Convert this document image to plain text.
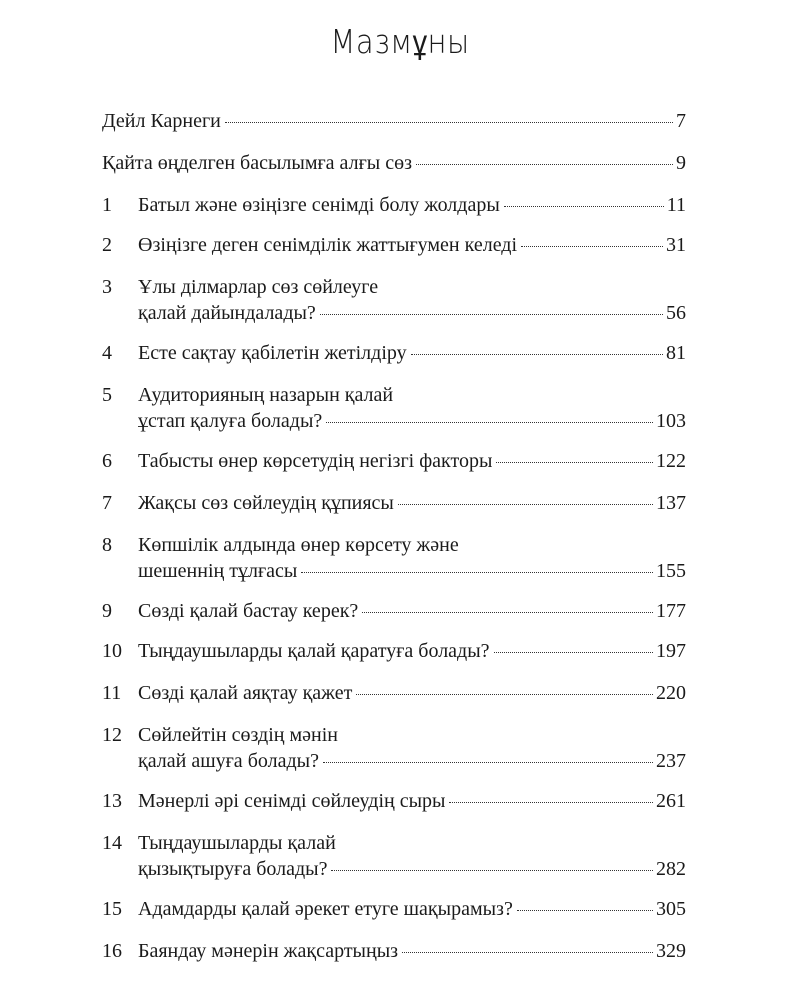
Мазмұны
Дейл Карнеги	7
Қайта өңделген басылымға алғы сөз	9
1	Батыл және өзіңізге сенімді болу жолдары	11
2	Өзіңізге деген сенімділік жаттығумен келеді	31
3	Ұлы ділмарлар сөз сөйлеуге
қалай дайындалады?	56
4	Есте сақтау қабілетін жетілдіру	81
5	Аудиторияның назарын қалай
ұстап қалуға болады?	103
6	Табысты өнер көрсетудің негізгі факторы	122
7	Жақсы сөз сөйлеудің құпиясы	137
8	Көпшілік алдында өнер көрсету және
шешеннің тұлғасы	155
9	Сөзді қалай бастау керек?	177
10 Тыңдаушыларды қалай қаратуға болады?	197
11 Сөзді қалай аяқтау қажет	220
12 Сөйлейтін сөздің мәнін
қалай ашуға болады?	237
13 Мәнерлі әрі сенімді сөйлеудің сыры	261
14 Тыңдаушыларды қалай
қызықтыруға болады?	282
15 Адамдарды қалай әрекет етуге шақырамыз?	305
16 Баяндау мәнерін жақсартыңыз	329
